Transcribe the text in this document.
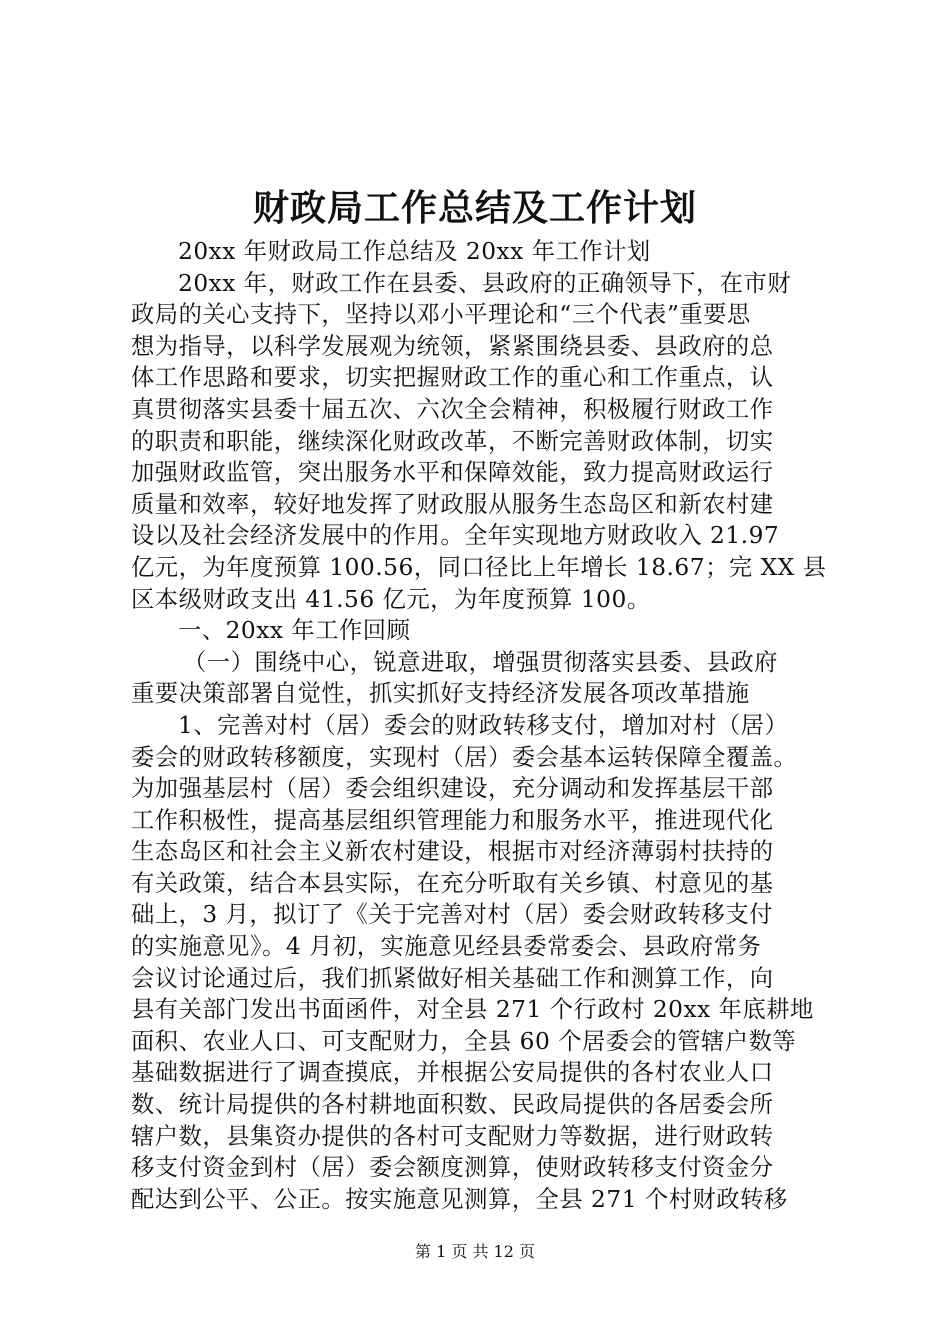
财政局工作总结及工作计划
20xx 年财政局工作总结及 20xx 年工作计划
20xx 年，财政工作在县委、县政府的正确领导下，在市财
政局的关心支持下，坚持以邓小平理论和“三个代表”重要思
想为指导，以科学发展观为统领，紧紧围绕县委、县政府的总
体工作思路和要求，切实把握财政工作的重心和工作重点，认
真贯彻落实县委十届五次、六次全会精神，积极履行财政工作
的职责和职能，继续深化财政改革，不断完善财政体制，切实
加强财政监管，突出服务水平和保障效能，致力提高财政运行
质量和效率，较好地发挥了财政服从服务生态岛区和新农村建
设以及社会经济发展中的作用。全年实现地方财政收入 21.97
亿元，为年度预算 100.56，同口径比上年增长 18.67；完 XX 县
区本级财政支出 41.56 亿元，为年度预算 100。
一、20xx 年工作回顾
（一）围绕中心，锐意进取，增强贯彻落实县委、县政府
重要决策部署自觉性，抓实抓好支持经济发展各项改革措施
1、完善对村（居）委会的财政转移支付，增加对村（居）
委会的财政转移额度，实现村（居）委会基本运转保障全覆盖。
为加强基层村（居）委会组织建设，充分调动和发挥基层干部
工作积极性，提高基层组织管理能力和服务水平，推进现代化
生态岛区和社会主义新农村建设，根据市对经济薄弱村扶持的
有关政策，结合本县实际，在充分听取有关乡镇、村意见的基
础上，3 月，拟订了《关于完善对村（居）委会财政转移支付
的实施意见》。4 月初，实施意见经县委常委会、县政府常务
会议讨论通过后，我们抓紧做好相关基础工作和测算工作，向
县有关部门发出书面函件，对全县 271 个行政村 20xx 年底耕地
面积、农业人口、可支配财力，全县 60 个居委会的管辖户数等
基础数据进行了调查摸底，并根据公安局提供的各村农业人口
数、统计局提供的各村耕地面积数、民政局提供的各居委会所
辖户数，县集资办提供的各村可支配财力等数据，进行财政转
移支付资金到村（居）委会额度测算，使财政转移支付资金分
配达到公平、公正。按实施意见测算，全县 271 个村财政转移
第 1 页 共 12 页
